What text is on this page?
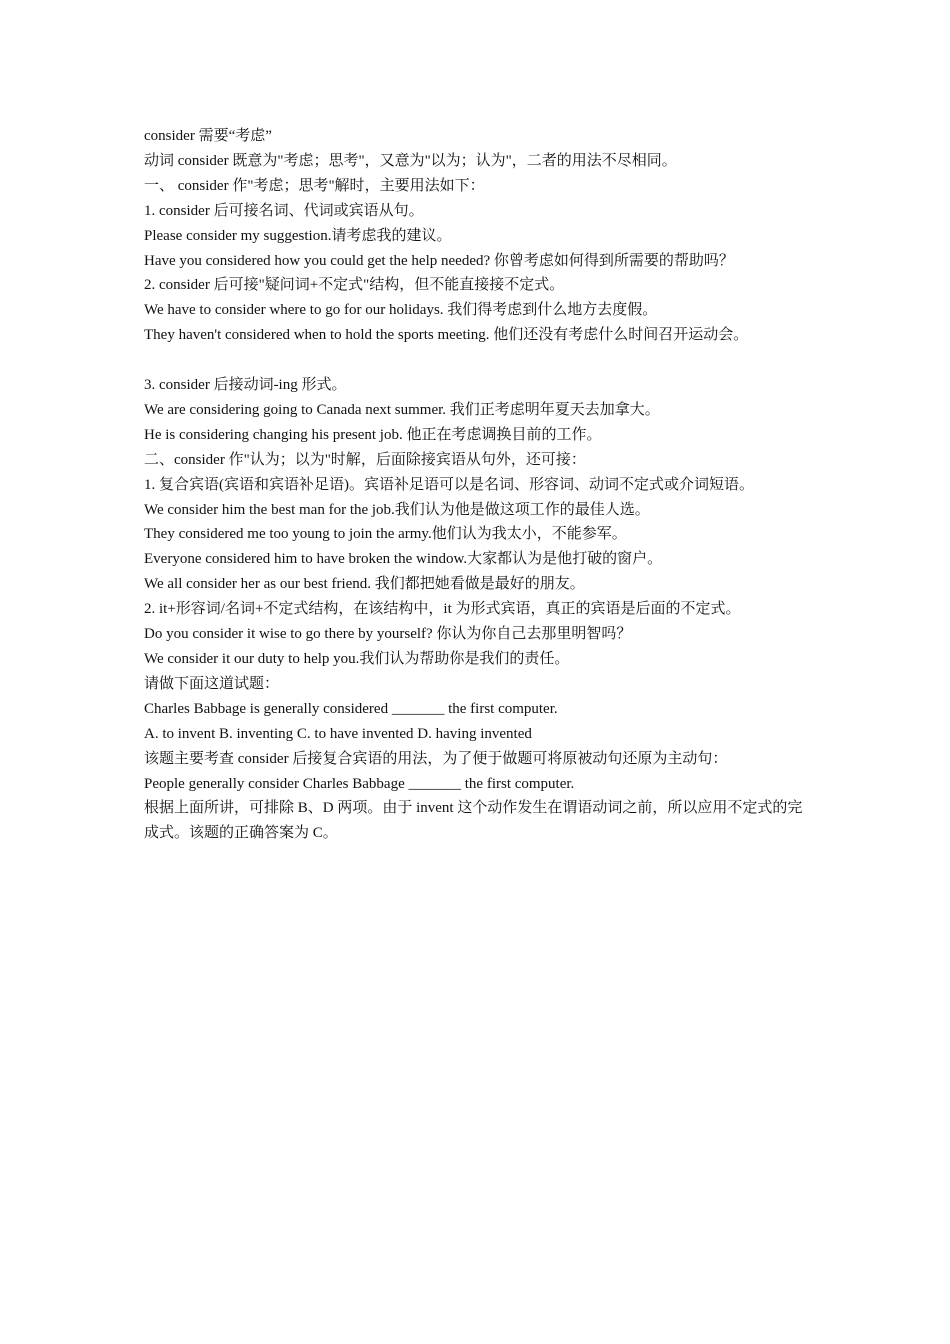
consider 需要“考虑”
动词 consider 既意为"考虑；思考"，又意为"以为；认为"，二者的用法不尽相同。
一、 consider 作"考虑；思考"解时，主要用法如下：
1. consider 后可接名词、代词或宾语从句。
Please consider my suggestion.请考虑我的建议。
Have you considered how you could get the help needed? 你曾考虑如何得到所需要的帮助吗？
2. consider 后可接"疑问词+不定式"结构，但不能直接接不定式。
We have to consider where to go for our holidays. 我们得考虑到什么地方去度假。
They haven't considered when to hold the sports meeting. 他们还没有考虑什么时间召开运动会。
3. consider 后接动词-ing 形式。
We are considering going to Canada next summer. 我们正考虑明年夏天去加拿大。
He is considering changing his present job. 他正在考虑调换目前的工作。
二、consider 作"认为；以为"时解，后面除接宾语从句外，还可接：
1. 复合宾语(宾语和宾语补足语)。宾语补足语可以是名词、形容词、动词不定式或介词短语。
We consider him the best man for the job.我们认为他是做这项工作的最佳人选。
They considered me too young to join the army.他们认为我太小，不能参军。
Everyone considered him to have broken the window.大家都认为是他打破的窗户。
We all consider her as our best friend. 我们都把她看做是最好的朋友。
2. it+形容词/名词+不定式结构，在该结构中，it 为形式宾语，真正的宾语是后面的不定式。
Do you consider it wise to go there by yourself? 你认为你自己去那里明智吗？
We consider it our duty to help you.我们认为帮助你是我们的责任。
请做下面这道试题：
Charles Babbage is generally considered _______ the first computer.
A. to invent B. inventing C. to have invented D. having invented
该题主要考查 consider 后接复合宾语的用法，为了便于做题可将原被动句还原为主动句：
People generally consider Charles Babbage _______ the first computer.
根据上面所讲，可排除 B、D 两项。由于 invent 这个动作发生在谓语动词之前，所以应用不定式的完成式。该题的正确答案为 C。
